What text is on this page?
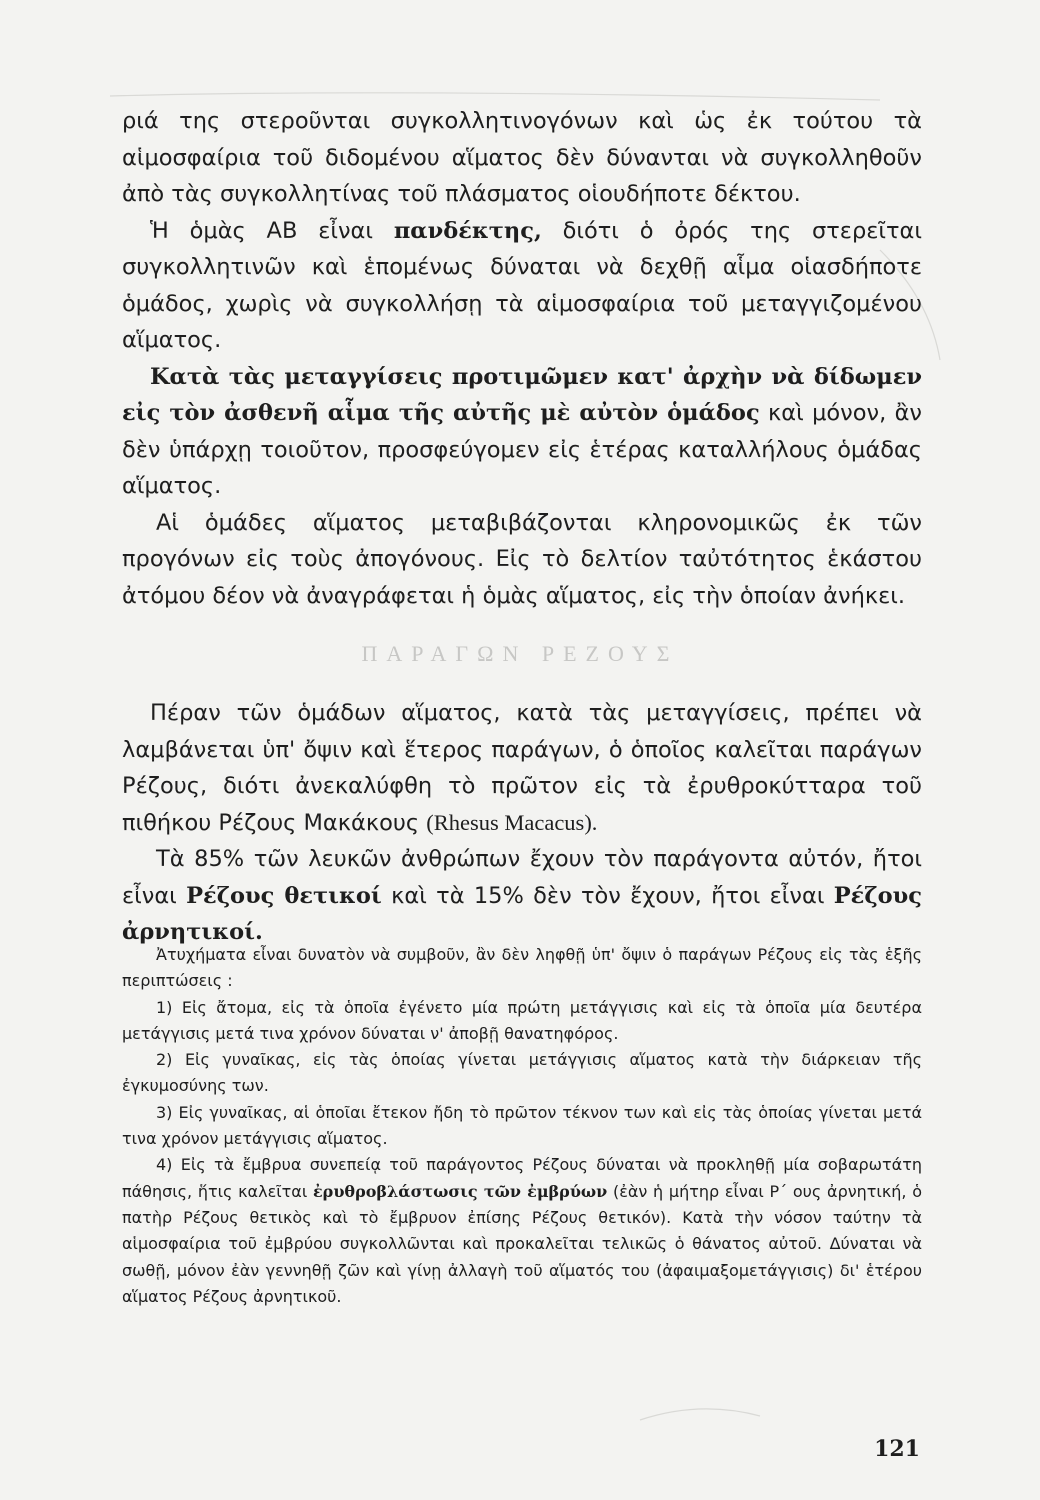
ριά της στεροῦνται συγκολλητινογόνων καὶ ὡς ἐκ τούτου τὰ αἱμοσφαίρια τοῦ διδομένου αἵματος δὲν δύνανται νὰ συγκολληθοῦν ἀπὸ τὰς συγκολλητίνας τοῦ πλάσματος οἱουδήποτε δέκτου.

Ἡ ὁμὰς ΑΒ εἶναι πανδέκτης, διότι ὁ ὀρός της στερεῖται συγκολλητινῶν καὶ ἑπομένως δύναται νὰ δεχθῇ αἷμα οἱασδήποτε ὁμάδος, χωρὶς νὰ συγκολλήσῃ τὰ αἱμοσφαίρια τοῦ μεταγγιζομένου αἵματος.

Κατὰ τὰς μεταγγίσεις προτιμῶμεν κατ' ἀρχὴν νὰ δίδωμεν εἰς τὸν ἀσθενῆ αἷμα τῆς αὐτῆς μὲ αὐτὸν ὁμάδος καὶ μόνον, ἂν δὲν ὑπάρχῃ τοιοῦτον, προσφεύγομεν εἰς ἑτέρας καταλλήλους ὁμάδας αἵματος.

Αἱ ὁμάδες αἵματος μεταβιβάζονται κληρονομικῶς ἐκ τῶν προγόνων εἰς τοὺς ἀπογόνους. Εἰς τὸ δελτίον ταὐτότητος ἑκάστου ἀτόμου δέον νὰ ἀναγράφεται ἡ ὁμὰς αἵματος, εἰς τὴν ὁποίαν ἀνήκει.

ΠΑΡΑΓΩΝ ΡΕΖΟΥΣ

Πέραν τῶν ὁμάδων αἵματος, κατὰ τὰς μεταγγίσεις, πρέπει νὰ λαμβάνεται ὑπ' ὄψιν καὶ ἕτερος παράγων, ὁ ὁποῖος καλεῖται παράγων Ρέζους, διότι ἀνεκαλύφθη τὸ πρῶτον εἰς τὰ ἐρυθροκύτταρα τοῦ πιθήκου Ρέζους Μακάκους (Rhesus Macacus).

Τὰ 85% τῶν λευκῶν ἀνθρώπων ἔχουν τὸν παράγοντα αὐτόν, ἤτοι εἶναι Ρέζους θετικοί καὶ τὰ 15% δὲν τὸν ἔχουν, ἤτοι εἶναι Ρέζους ἀρνητικοί.

Ἀτυχήματα εἶναι δυνατὸν νὰ συμβοῦν, ἂν δὲν ληφθῇ ὑπ' ὄψιν ὁ παράγων Ρέζους εἰς τὰς ἑξῆς περιπτώσεις :

1) Εἰς ἄτομα, εἰς τὰ ὁποῖα ἐγένετο μία πρώτη μετάγγισις καὶ εἰς τὰ ὁποῖα μία δευτέρα μετάγγισις μετά τινα χρόνον δύναται ν' ἀποβῇ θανατηφόρος.

2) Εἰς γυναῖκας, εἰς τὰς ὁποίας γίνεται μετάγγισις αἵματος κατὰ τὴν διάρκειαν τῆς ἐγκυμοσύνης των.

3) Εἰς γυναῖκας, αἱ ὁποῖαι ἔτεκον ἤδη τὸ πρῶτον τέκνον των καὶ εἰς τὰς ὁποίας γίνεται μετά τινα χρόνον μετάγγισις αἵματος.

4) Εἰς τὰ ἔμβρυα συνεπείᾳ τοῦ παράγοντος Ρέζους δύναται νὰ προκληθῇ μία σοβαρωτάτη πάθησις, ἥτις καλεῖται ἐρυθροβλάστωσις τῶν ἐμβρύων (ἐὰν ἡ μήτηρ εἶναι Ρ΄ ους ἀρνητική, ὁ πατὴρ Ρέζους θετικὸς καὶ τὸ ἔμβρυον ἐπίσης Ρέζους θετικόν). Κατὰ τὴν νόσον ταύτην τὰ αἱμοσφαίρια τοῦ ἐμβρύου συγκολλῶνται καὶ προκαλεῖται τελικῶς ὁ θάνατος αὐτοῦ. Δύναται νὰ σωθῇ, μόνον ἐὰν γεννηθῇ ζῶν καὶ γίνῃ ἀλλαγὴ τοῦ αἵματός του (ἀφαιμαξομετάγγισις) δι' ἑτέρου αἵματος Ρέζους ἀρνητικοῦ.

121
